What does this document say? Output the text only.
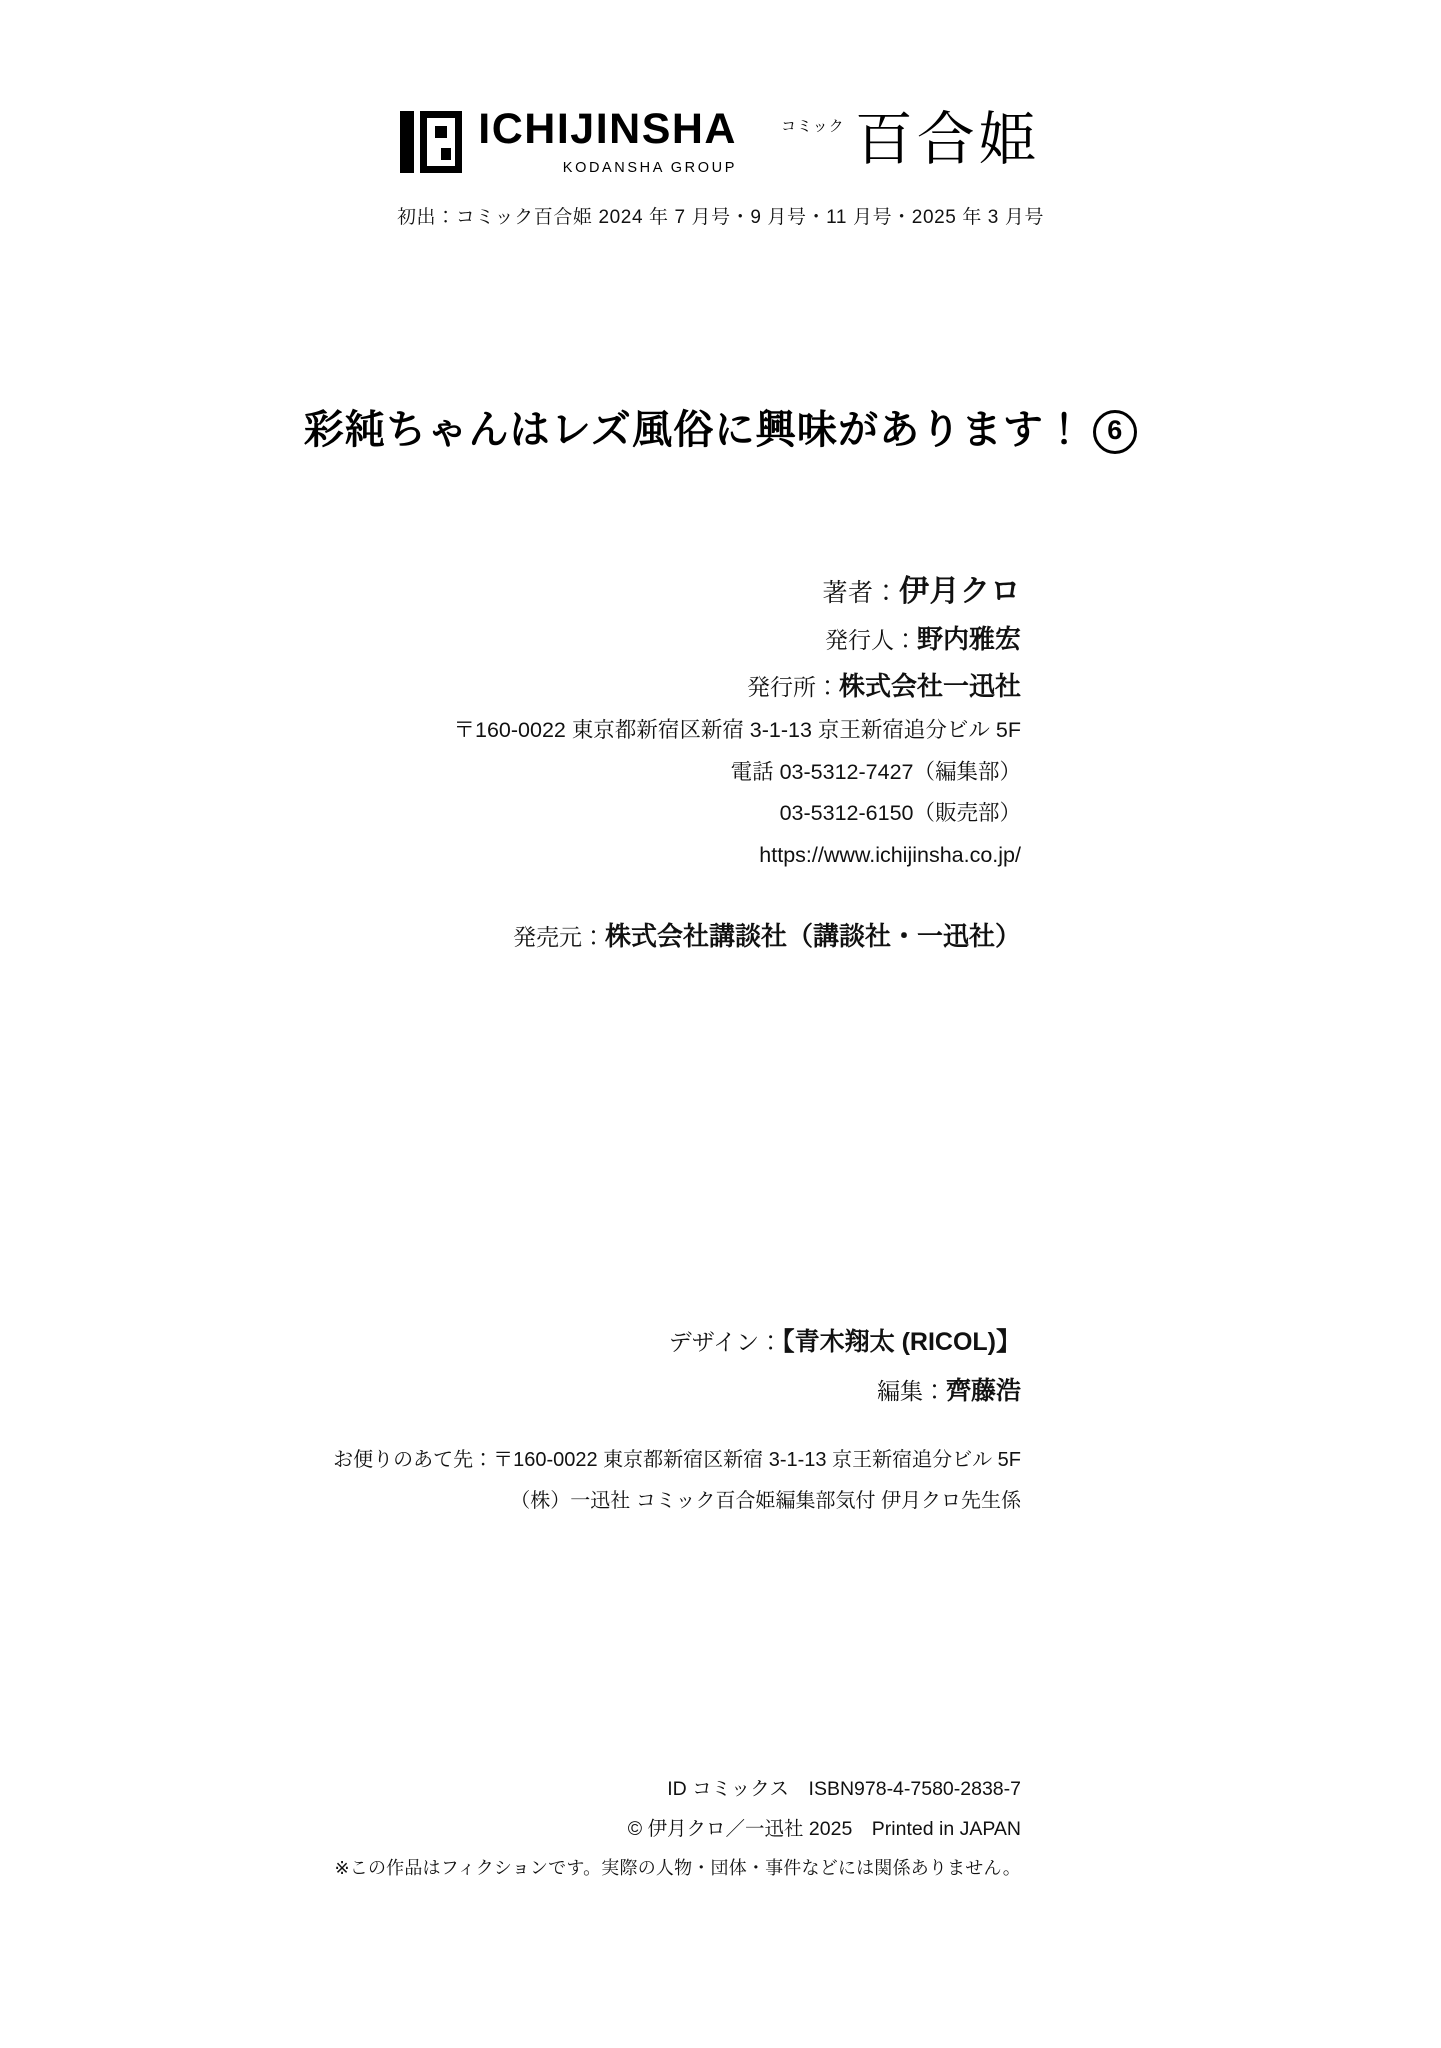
ICHIJINSHA
KODANSHA GROUP
コミック 百合姫
初出：コミック百合姫 2024 年 7 月号・9 月号・11 月号・2025 年 3 月号
彩純ちゃんはレズ風俗に興味があります！ 6
著者：伊月クロ
発行人：野内雅宏
発行所：株式会社一迅社
〒160-0022 東京都新宿区新宿 3-1-13 京王新宿追分ビル 5F
電話 03-5312-7427（編集部）
03-5312-6150（販売部）
https://www.ichijinsha.co.jp/
発売元：株式会社講談社（講談社・一迅社）
デザイン：【青木翔太 (RICOL)】
編集：齊藤浩
お便りのあて先：〒160-0022 東京都新宿区新宿 3-1-13 京王新宿追分ビル 5F
（株）一迅社 コミック百合姫編集部気付 伊月クロ先生係
ID コミックス　ISBN978-4-7580-2838-7
© 伊月クロ／一迅社 2025　Printed in JAPAN
※この作品はフィクションです。実際の人物・団体・事件などには関係ありません。
